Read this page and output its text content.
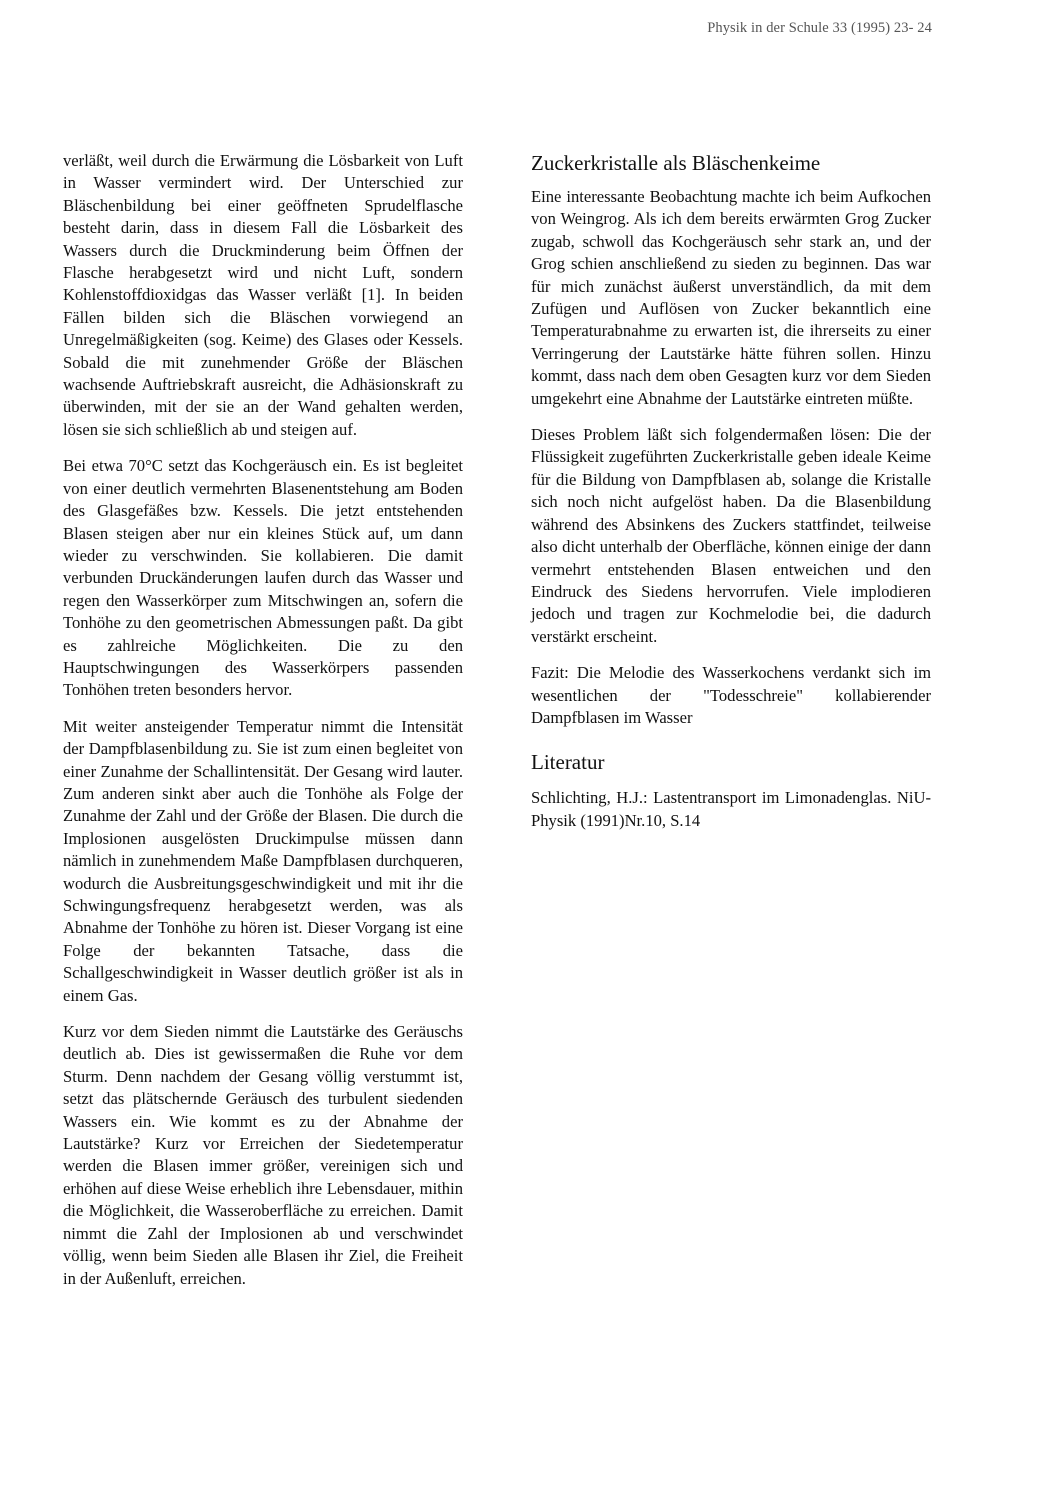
Physik in der Schule 33 (1995) 23- 24

verläßt, weil durch die Erwärmung die Lösbarkeit von Luft in Wasser vermindert wird. Der Unterschied zur Bläschenbildung bei einer geöffneten Sprudelflasche besteht darin, dass in diesem Fall die Lösbarkeit des Wassers durch die Druckminderung beim Öffnen der Flasche herabgesetzt wird und nicht Luft, sondern Kohlenstoffdioxidgas das Wasser verläßt [1]. In beiden Fällen bilden sich die Bläschen vorwiegend an Unregelmäßigkeiten (sog. Keime) des Glases oder Kessels. Sobald die mit zunehmender Größe der Bläschen wachsende Auftriebskraft ausreicht, die Adhäsionskraft zu überwinden, mit der sie an der Wand gehalten werden, lösen sie sich schließlich ab und steigen auf.

Bei etwa 70°C setzt das Kochgeräusch ein. Es ist begleitet von einer deutlich vermehrten Blasenentstehung am Boden des Glasgefäßes bzw. Kessels. Die jetzt entstehenden Blasen steigen aber nur ein kleines Stück auf, um dann wieder zu verschwinden. Sie kollabieren. Die damit verbunden Druckänderungen laufen durch das Wasser und regen den Wasserkörper zum Mitschwingen an, sofern die Tonhöhe zu den geometrischen Abmessungen paßt. Da gibt es zahlreiche Möglichkeiten. Die zu den Hauptschwingungen des Wasserkörpers passenden Tonhöhen treten besonders hervor.

Mit weiter ansteigender Temperatur nimmt die Intensität der Dampfblasenbildung zu. Sie ist zum einen begleitet von einer Zunahme der Schallintensität. Der Gesang wird lauter. Zum anderen sinkt aber auch die Tonhöhe als Folge der Zunahme der Zahl und der Größe der Blasen. Die durch die Implosionen ausgelösten Druckimpulse müssen dann nämlich in zunehmendem Maße Dampfblasen durchqueren, wodurch die Ausbreitungsgeschwindigkeit und mit ihr die Schwingungsfrequenz herabgesetzt werden, was als Abnahme der Tonhöhe zu hören ist. Dieser Vorgang ist eine Folge der bekannten Tatsache, dass die Schallgeschwindigkeit in Wasser deutlich größer ist als in einem Gas.

Kurz vor dem Sieden nimmt die Lautstärke des Geräuschs deutlich ab. Dies ist gewissermaßen die Ruhe vor dem Sturm. Denn nachdem der Gesang völlig verstummt ist, setzt das plätschernde Geräusch des turbulent siedenden Wassers ein. Wie kommt es zu der Abnahme der Lautstärke? Kurz vor Erreichen der Siedetemperatur werden die Blasen immer größer, vereinigen sich und erhöhen auf diese Weise erheblich ihre Lebensdauer, mithin die Möglichkeit, die Wasseroberfläche zu erreichen. Damit nimmt die Zahl der Implosionen ab und verschwindet völlig, wenn beim Sieden alle Blasen ihr Ziel, die Freiheit in der Außenluft, erreichen.

Zuckerkristalle als Bläschenkeime

Eine interessante Beobachtung machte ich beim Aufkochen von Weingrog. Als ich dem bereits erwärmten Grog Zucker zugab, schwoll das Kochgeräusch sehr stark an, und der Grog schien anschließend zu sieden zu beginnen. Das war für mich zunächst äußerst unverständlich, da mit dem Zufügen und Auflösen von Zucker bekanntlich eine Temperaturabnahme zu erwarten ist, die ihrerseits zu einer Verringerung der Lautstärke hätte führen sollen. Hinzu kommt, dass nach dem oben Gesagten kurz vor dem Sieden umgekehrt eine Abnahme der Lautstärke eintreten müßte.

Dieses Problem läßt sich folgendermaßen lösen: Die der Flüssigkeit zugeführten Zuckerkristalle geben ideale Keime für die Bildung von Dampfblasen ab, solange die Kristalle sich noch nicht aufgelöst haben. Da die Blasenbildung während des Absinkens des Zuckers stattfindet, teilweise also dicht unterhalb der Oberfläche, können einige der dann vermehrt entstehenden Blasen entweichen und den Eindruck des Siedens hervorrufen. Viele implodieren jedoch und tragen zur Kochmelodie bei, die dadurch verstärkt erscheint.

Fazit: Die Melodie des Wasserkochens verdankt sich im wesentlichen der "Todesschreie" kollabierender Dampfblasen im Wasser

Literatur

Schlichting, H.J.: Lastentransport im Limonadenglas. NiU- Physik (1991)Nr.10, S.14
